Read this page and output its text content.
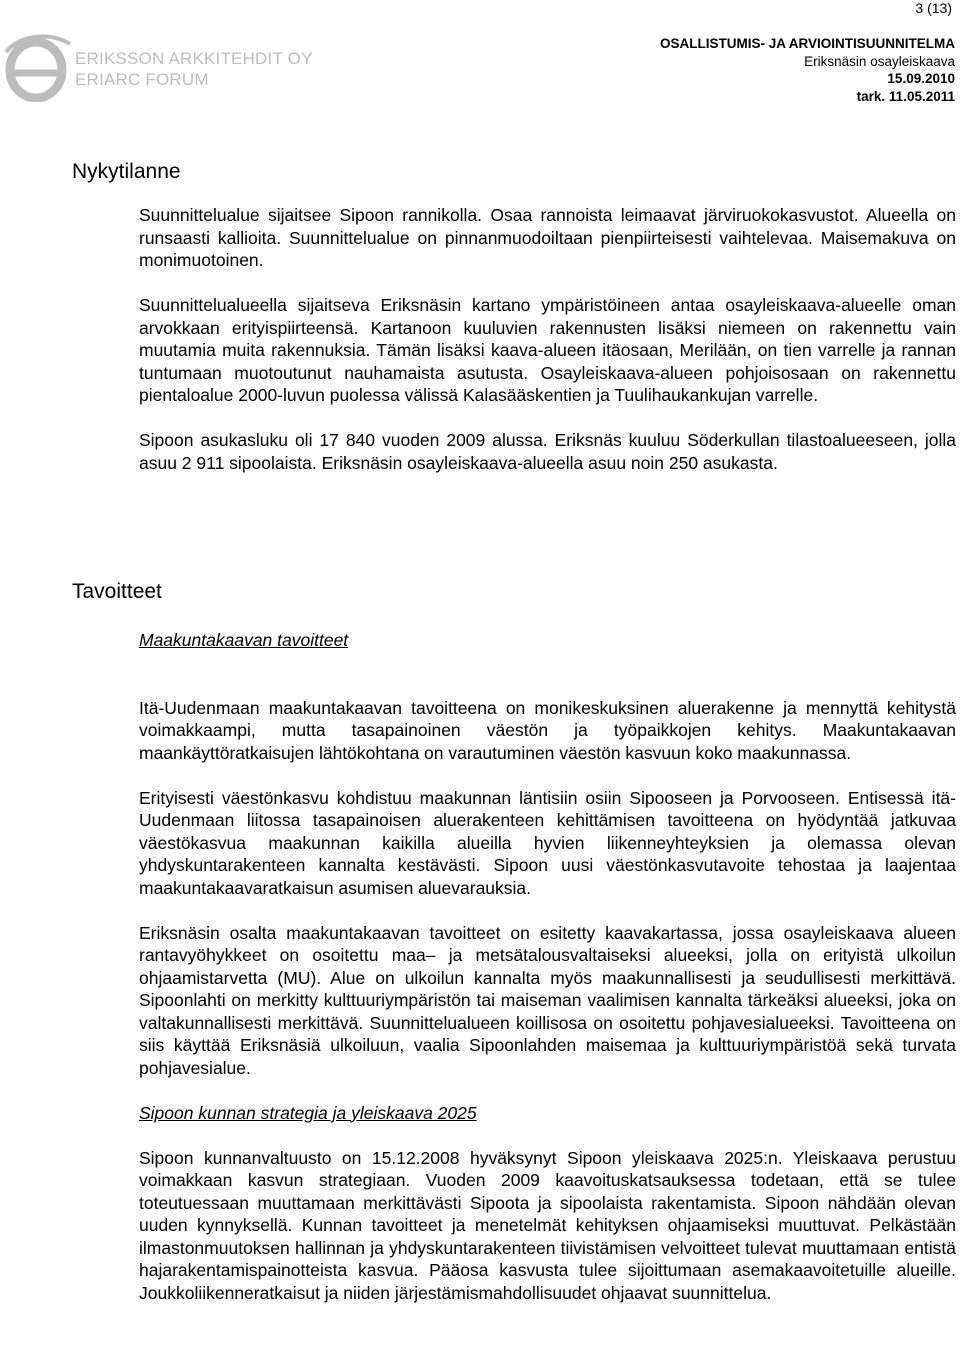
3 (13)
ERIKSSON ARKKITEHDIT OY
ERIARC FORUM
OSALLISTUMIS- JA ARVIOINTISUUNNITELMA
Eriksnäsin osayleiskaava
15.09.2010
tark. 11.05.2011
Nykytilanne

Suunnittelualue sijaitsee Sipoon rannikolla. Osaa rannoista leimaavat järviruokokasvustot. Alueella on runsaasti kallioita. Suunnittelualue on pinnanmuodoiltaan pienpiirteisesti vaihtelevaa. Maisemakuva on monimuotoinen.

Suunnittelualueella sijaitseva Eriksnäsin kartano ympäristöineen antaa osayleiskaava-alueelle oman arvokkaan erityispiirteensä. Kartanoon kuuluvien rakennusten lisäksi niemeen on rakennettu vain muutamia muita rakennuksia. Tämän lisäksi kaava-alueen itäosaan, Merilään, on tien varrelle ja rannan tuntumaan muotoutunut nauhamaista asutusta. Osayleiskaava-alueen pohjoisosaan on rakennettu pientaloalue 2000-luvun puolessa välissä Kalasääskentien ja Tuulihaukankujan varrelle.

Sipoon asukasluku oli 17 840 vuoden 2009 alussa. Eriksnäs kuuluu Söderkullan tilastoalueeseen, jolla asuu 2 911 sipoolaista. Eriksnäsin osayleiskaava-alueella asuu noin 250 asukasta.

Tavoitteet

Maakuntakaavan tavoitteet

Itä-Uudenmaan maakuntakaavan tavoitteena on monikeskuksinen aluerakenne ja mennyttä kehitystä voimakkaampi, mutta tasapainoinen väestön ja työpaikkojen kehitys. Maakuntakaavan maankäyttöratkaisujen lähtökohtana on varautuminen väestön kasvuun koko maakunnassa.

Erityisesti väestönkasvu kohdistuu maakunnan läntisiin osiin Sipooseen ja Porvooseen. Entisessä itä-Uudenmaan liitossa tasapainoisen aluerakenteen kehittämisen tavoitteena on hyödyntää jatkuvaa väestökasvua maakunnan kaikilla alueilla hyvien liikenneyhteyksien ja olemassa olevan yhdyskuntarakenteen kannalta kestävästi. Sipoon uusi väestönkasvutavoite tehostaa ja laajentaa maakuntakaavaratkaisun asumisen aluevarauksia.

Eriksnäsin osalta maakuntakaavan tavoitteet on esitetty kaavakartassa, jossa osayleiskaava alueen rantavyöhykkeet on osoitettu maa– ja metsätalousvaltaiseksi alueeksi, jolla on erityistä ulkoilun ohjaamistarvetta (MU). Alue on ulkoilun kannalta myös maakunnallisesti ja seudullisesti merkittävä. Sipoonlahti on merkitty kulttuuriympäristön tai maiseman vaalimisen kannalta tärkeäksi alueeksi, joka on valtakunnallisesti merkittävä. Suunnittelualueen koillisosa on osoitettu pohjavesialueeksi. Tavoitteena on siis käyttää Eriksnäsiä ulkoiluun, vaalia Sipoonlahden maisemaa ja kulttuuriympäristöä sekä turvata pohjavesialue.

Sipoon kunnan strategia ja yleiskaava 2025

Sipoon kunnanvaltuusto on 15.12.2008 hyväksynyt Sipoon yleiskaava 2025:n. Yleiskaava perustuu voimakkaan kasvun strategiaan. Vuoden 2009 kaavoituskatsauksessa todetaan, että se tulee toteutuessaan muuttamaan merkittävästi Sipoota ja sipoolaista rakentamista. Sipoon nähdään olevan uuden kynnyksellä. Kunnan tavoitteet ja menetelmät kehityksen ohjaamiseksi muuttuvat. Pelkästään ilmastonmuutoksen hallinnan ja yhdyskuntarakenteen tiivistämisen velvoitteet tulevat muuttamaan entistä hajarakentamispainotteista kasvua. Pääosa kasvusta tulee sijoittumaan asemakaavoitetuille alueille. Joukkoliikenneratkaisut ja niiden järjestämismahdollisuudet ohjaavat suunnittelua.
